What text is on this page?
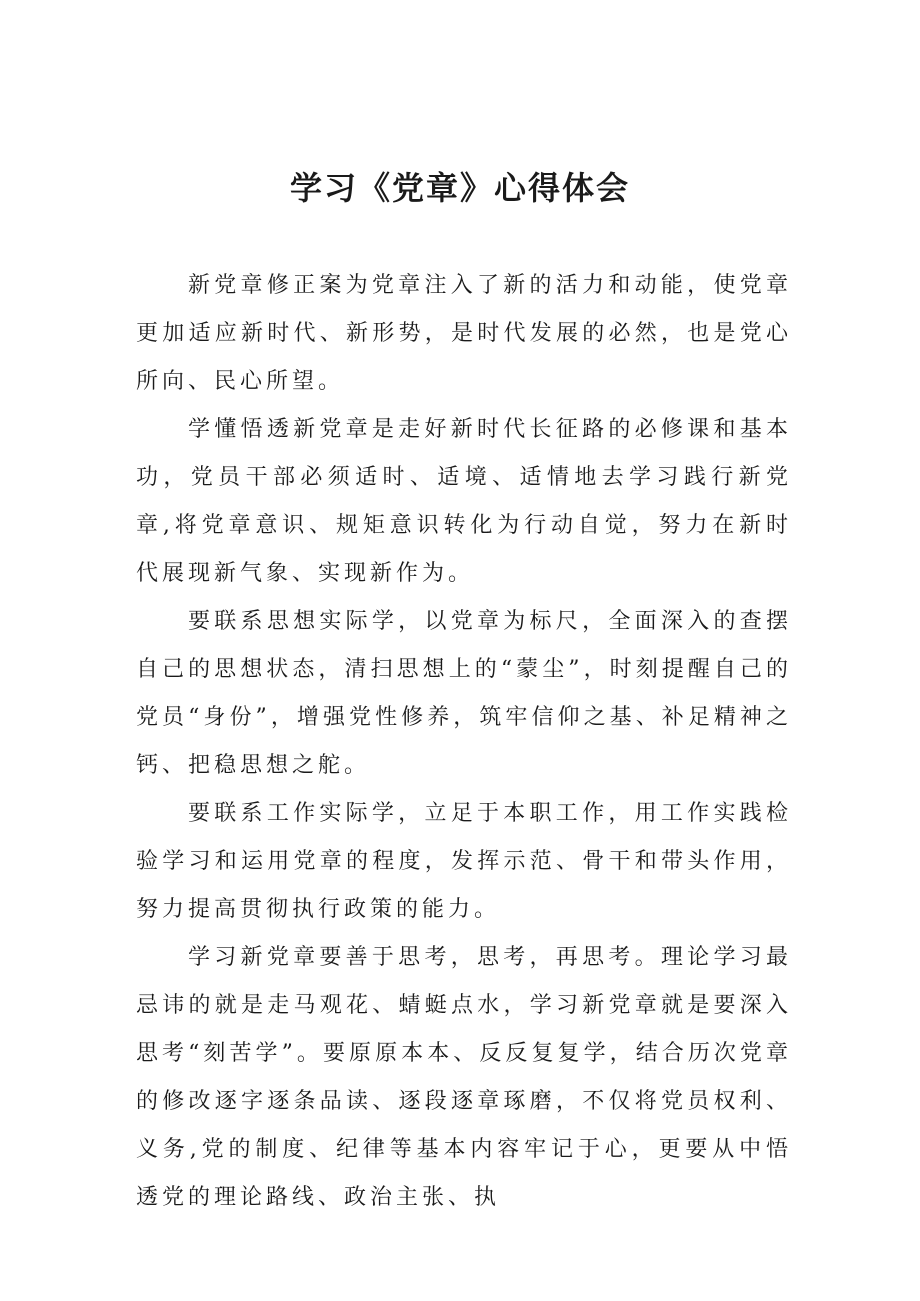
学习《党章》心得体会

新党章修正案为党章注入了新的活力和动能，使党章更加适应新时代、新形势，是时代发展的必然，也是党心所向、民心所望。

学懂悟透新党章是走好新时代长征路的必修课和基本功，党员干部必须适时、适境、适情地去学习践行新党章,将党章意识、规矩意识转化为行动自觉，努力在新时代展现新气象、实现新作为。

要联系思想实际学，以党章为标尺，全面深入的查摆自己的思想状态，清扫思想上的“蒙尘”，时刻提醒自己的党员“身份”，增强党性修养，筑牢信仰之基、补足精神之钙、把稳思想之舵。

要联系工作实际学，立足于本职工作，用工作实践检验学习和运用党章的程度，发挥示范、骨干和带头作用，努力提高贯彻执行政策的能力。

学习新党章要善于思考，思考，再思考。理论学习最忌讳的就是走马观花、蜻蜓点水，学习新党章就是要深入思考“刻苦学”。要原原本本、反反复复学，结合历次党章的修改逐字逐条品读、逐段逐章琢磨，不仅将党员权利、义务,党的制度、纪律等基本内容牢记于心，更要从中悟透党的理论路线、政治主张、执
